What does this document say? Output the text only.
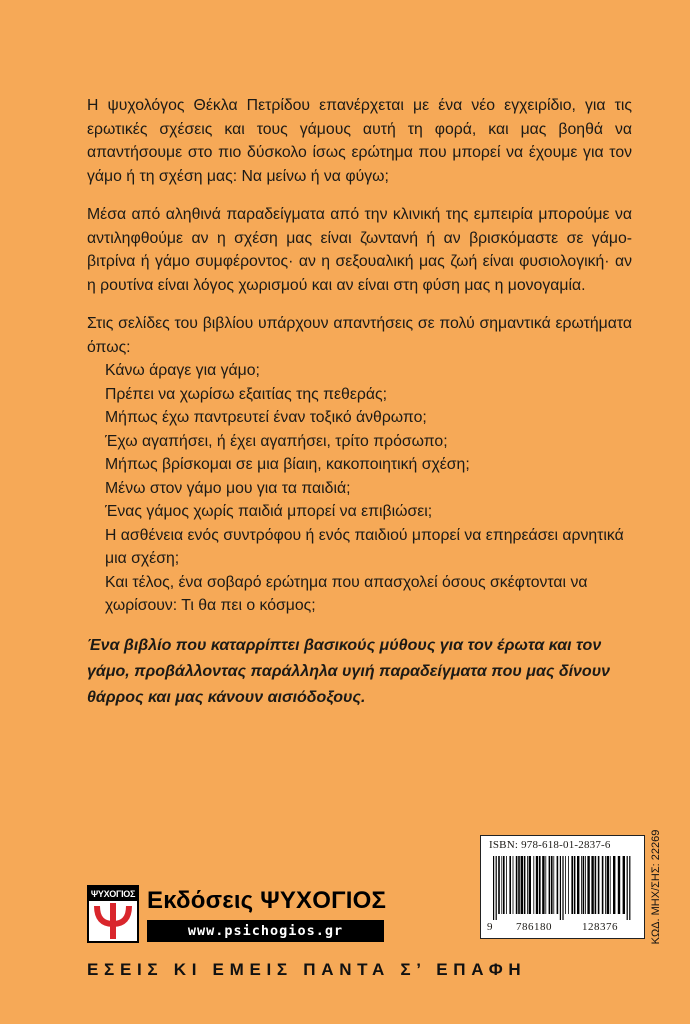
Η ψυχολόγος Θέκλα Πετρίδου επανέρχεται με ένα νέο εγχειρίδιο, για τις ερωτικές σχέσεις και τους γάμους αυτή τη φορά, και μας βοηθά να απαντήσουμε στο πιο δύσκολο ίσως ερώτημα που μπορεί να έχουμε για τον γάμο ή τη σχέση μας: Να μείνω ή να φύγω;

Μέσα από αληθινά παραδείγματα από την κλινική της εμπειρία μπορούμε να αντιληφθούμε αν η σχέση μας είναι ζωντανή ή αν βρισκόμαστε σε γάμο-βιτρίνα ή γάμο συμφέροντος· αν η σεξουαλική μας ζωή είναι φυσιολογική· αν η ρουτίνα είναι λόγος χωρισμού και αν είναι στη φύση μας η μονογαμία.

Στις σελίδες του βιβλίου υπάρχουν απαντήσεις σε πολύ σημαντικά ερωτήματα όπως:

Κάνω άραγε για γάμο;
Πρέπει να χωρίσω εξαιτίας της πεθεράς;
Μήπως έχω παντρευτεί έναν τοξικό άνθρωπο;
Έχω αγαπήσει, ή έχει αγαπήσει, τρίτο πρόσωπο;
Μήπως βρίσκομαι σε μια βίαιη, κακοποιητική σχέση;
Μένω στον γάμο μου για τα παιδιά;
Ένας γάμος χωρίς παιδιά μπορεί να επιβιώσει;
Η ασθένεια ενός συντρόφου ή ενός παιδιού μπορεί να επηρεάσει αρνητικά μια σχέση;
Και τέλος, ένα σοβαρό ερώτημα που απασχολεί όσους σκέφτονται να χωρίσουν: Τι θα πει ο κόσμος;

Ένα βιβλίο που καταρρίπτει βασικούς μύθους για τον έρωτα και τον γάμο, προβάλλοντας παράλληλα υγιή παραδείγματα που μας δίνουν θάρρος και μας κάνουν αισιόδοξους.

ΨΥΧΟΓΙΟΣ Εκδόσεις ΨΥΧΟΓΙΟΣ
www.psichogios.gr
ISBN: 978-618-01-2837-6
9 786180	128376	ΚΩΔ. ΜΗΧ/ΣΗΣ: 22269
ΕΣΕΙΣ ΚΙ ΕΜΕΙΣ ΠΑΝΤΑ Σ’ ΕΠΑΦΗ
